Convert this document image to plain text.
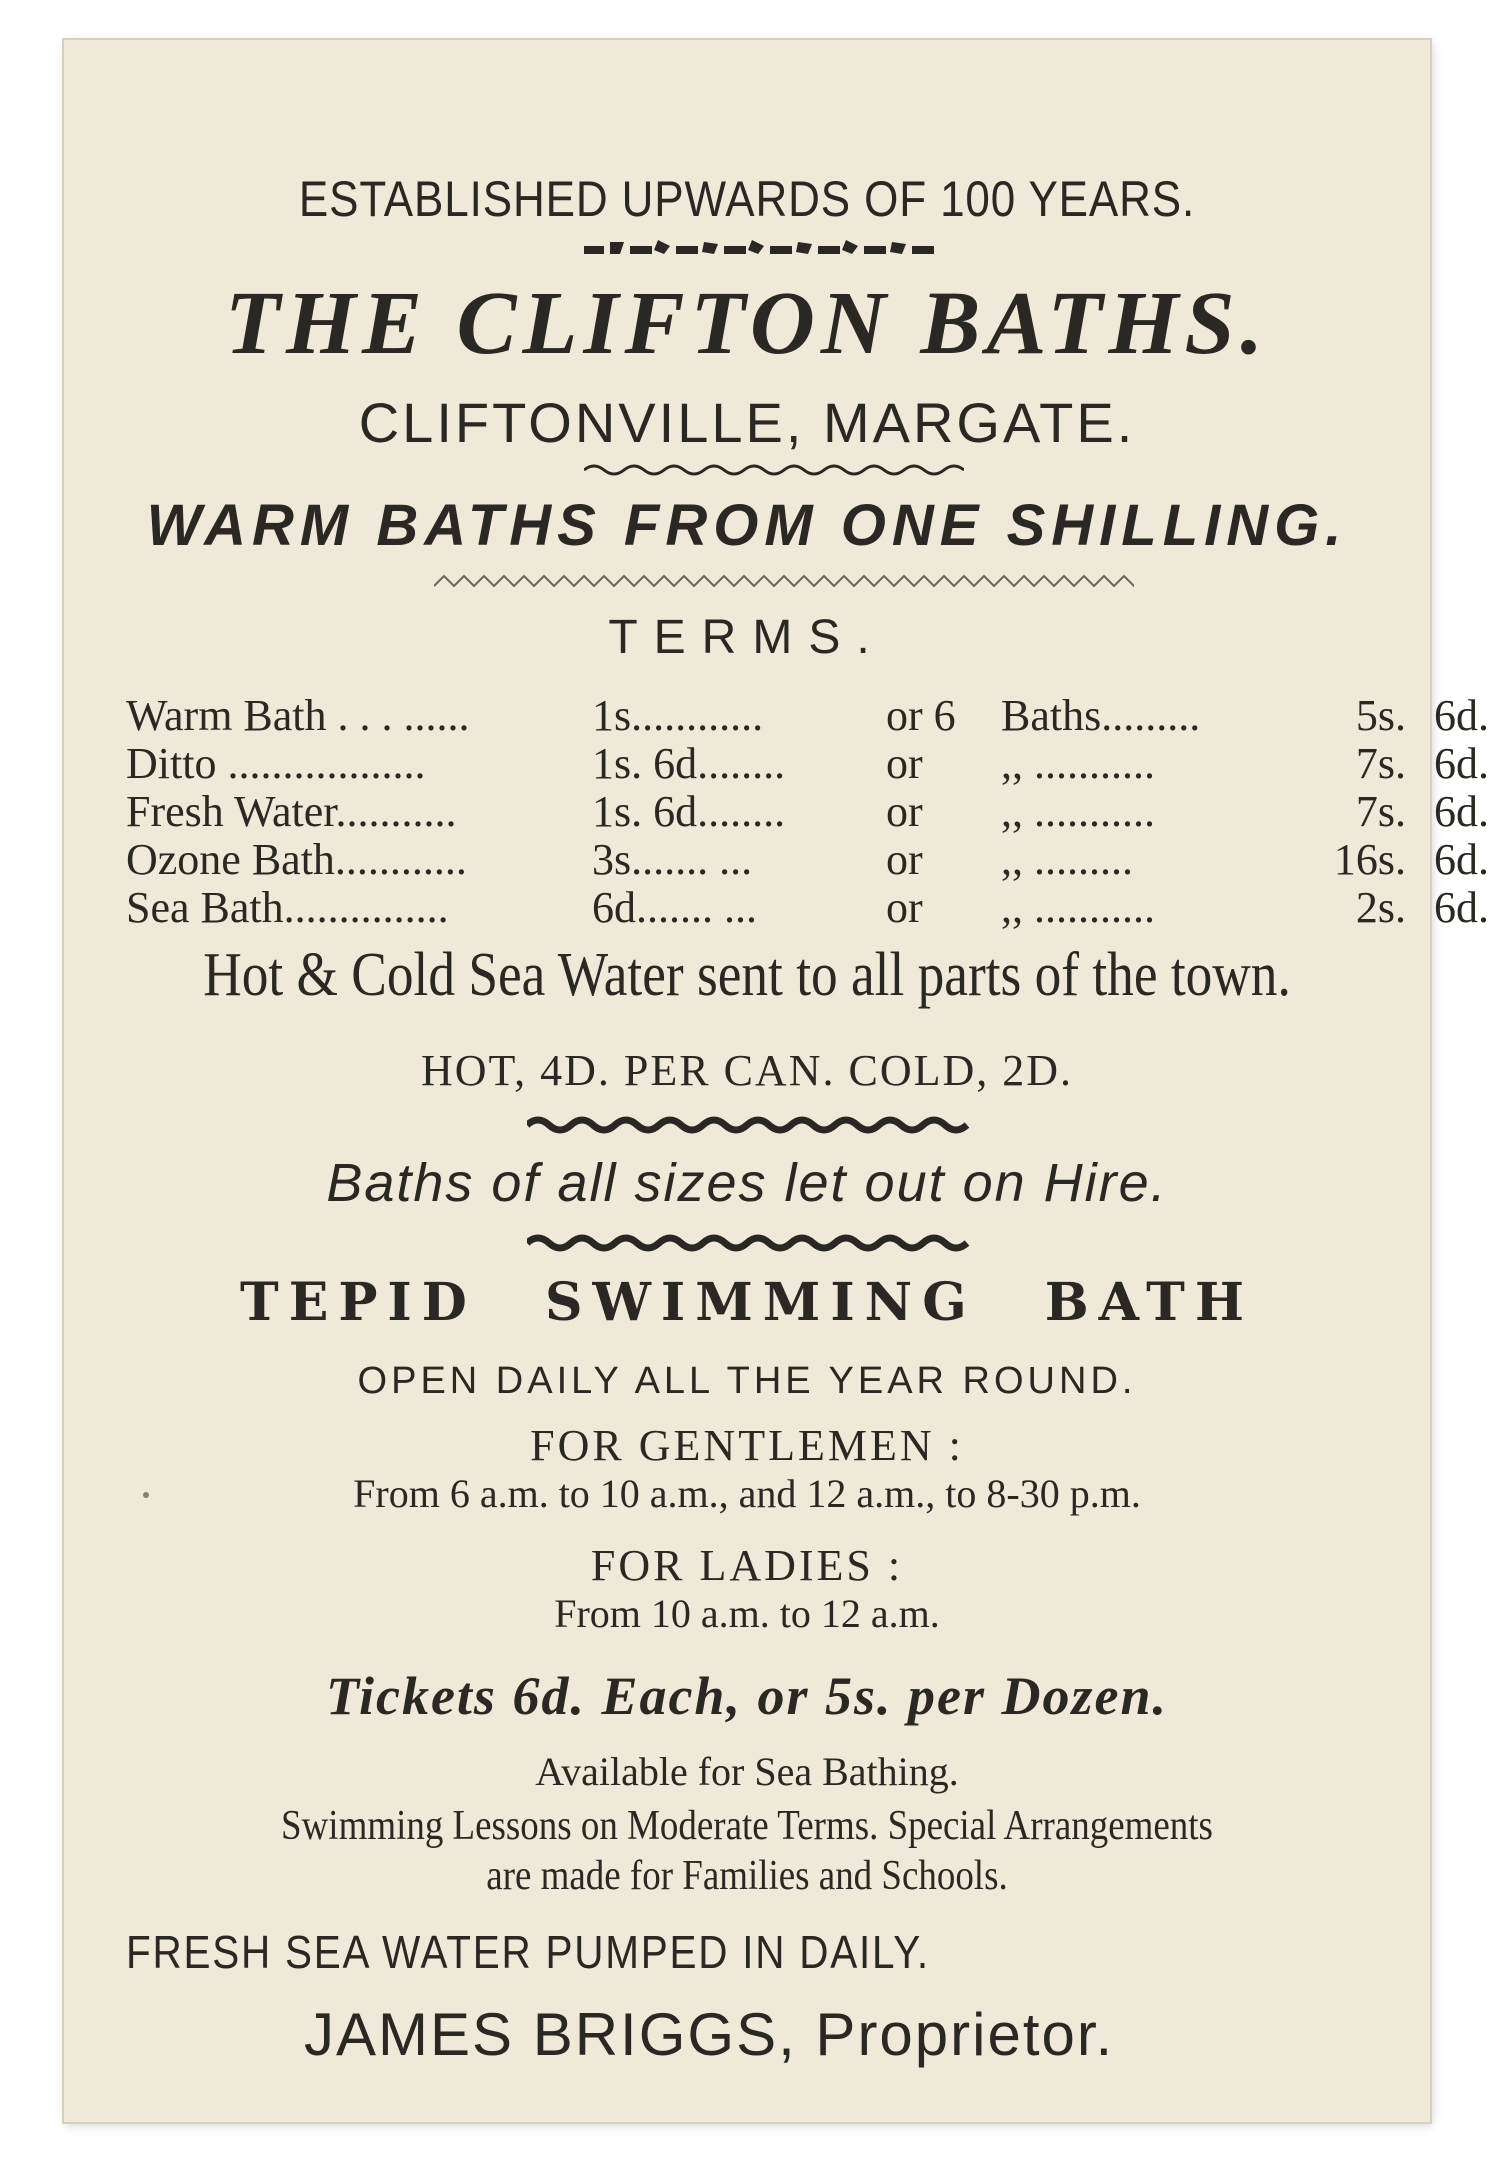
ESTABLISHED UPWARDS OF 100 YEARS.
THE CLIFTON BATHS.
CLIFTONVILLE, MARGATE.
WARM BATHS FROM ONE SHILLING.
TERMS.
Warm Bath . . . ......	1s............	or 6 Baths.........	5s. 6d.
Ditto ..................	1s. 6d........ or ,, ...........	7s. 6d.
Fresh Water...........	1s. 6d........ or ,, ...........	7s. 6d.
Ozone Bath............	3s....... ...	or ,, .........	16s. 6d.
Sea Bath...............	6d....... ...	or ,, ...........	2s. 6d.
Hot & Cold Sea Water sent to all parts of the town.
HOT, 4D. PER CAN. COLD, 2D.
Baths of all sizes let out on Hire.
TEPID SWIMMING BATH
OPEN DAILY ALL THE YEAR ROUND.
FOR GENTLEMEN :
From 6 a.m. to 10 a.m., and 12 a.m., to 8-30 p.m.
FOR LADIES :
From 10 a.m. to 12 a.m.
Tickets 6d. Each, or 5s. per Dozen.
Available for Sea Bathing.
Swimming Lessons on Moderate Terms. Special Arrangements
are made for Families and Schools.
FRESH SEA WATER PUMPED IN DAILY.
JAMES BRIGGS, Proprietor.
